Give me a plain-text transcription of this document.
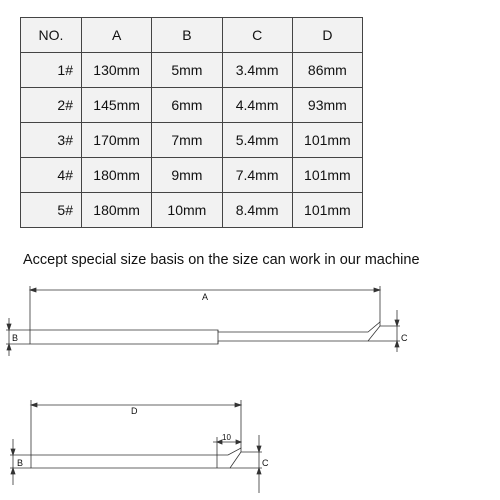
NO.	A	B	C	D
1#	130mm	5mm	3.4mm	86mm
2#	145mm	6mm	4.4mm	93mm
3#	170mm	7mm	5.4mm	101mm
4#	180mm	9mm	7.4mm	101mm
5#	180mm	10mm	8.4mm	101mm
Accept special size basis on the size can work in our machine
A
B	C
D
10
B	C
